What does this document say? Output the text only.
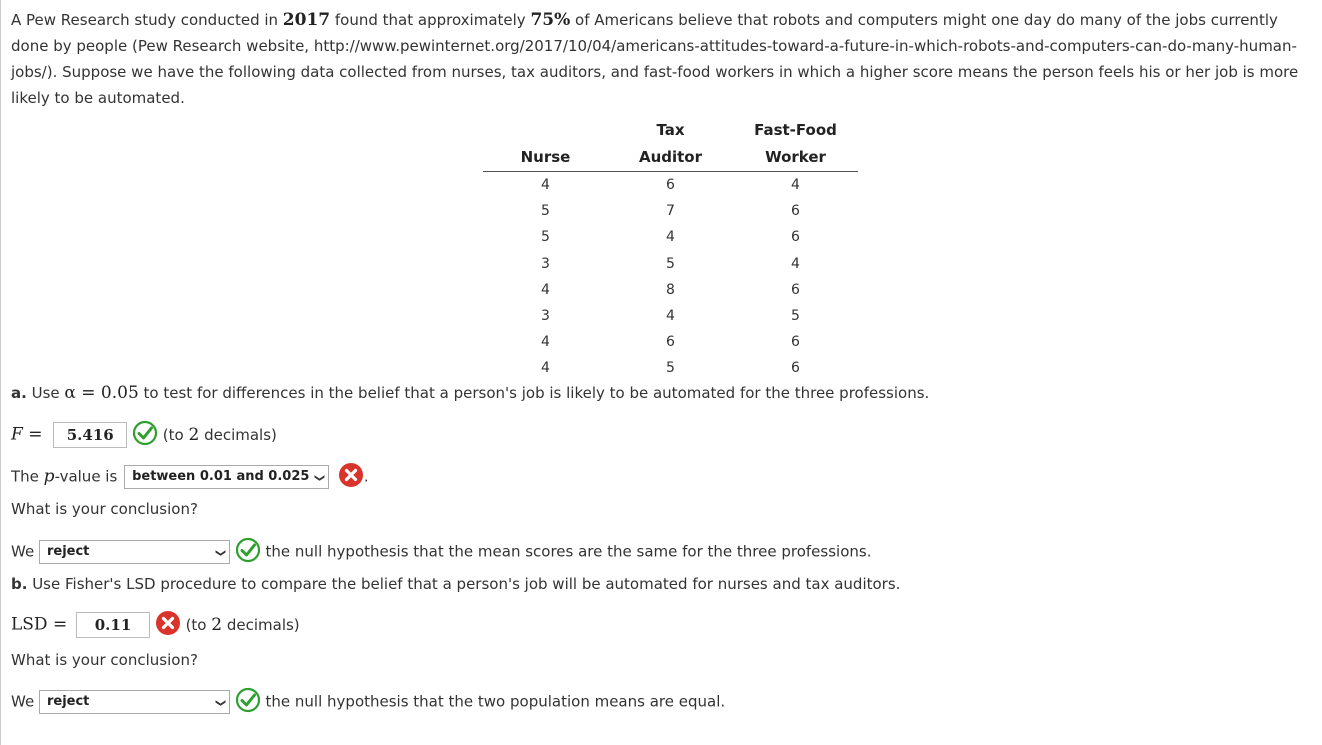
A Pew Research study conducted in 2017 found that approximately 75% of Americans believe that robots and computers might one day do many of the jobs currently done by people (Pew Research website, http://www.pewinternet.org/2017/10/04/americans-attitudes-toward-a-future-in-which-robots-and-computers-can-do-many-human-jobs/). Suppose we have the following data collected from nurses, tax auditors, and fast-food workers in which a higher score means the person feels his or her job is more likely to be automated.
	Tax	Fast-Food
Nurse	Auditor	Worker
4	6	4
5	7	6
5	4	6
3	5	4
4	8	6
3	4	5
4	6	6
4	5	6
a. Use α = 0.05 to test for differences in the belief that a person's job is likely to be automated for the three professions.
F = 5.416	(to 2 decimals)
The p-value is between 0.01 and 0.025 ❯	.
What is your conclusion?
We reject	❯	the null hypothesis that the mean scores are the same for the three professions.
b. Use Fisher's LSD procedure to compare the belief that a person's job will be automated for nurses and tax auditors.
LSD = 0.11	(to 2 decimals)
What is your conclusion?
We reject	❯	the null hypothesis that the two population means are equal.
